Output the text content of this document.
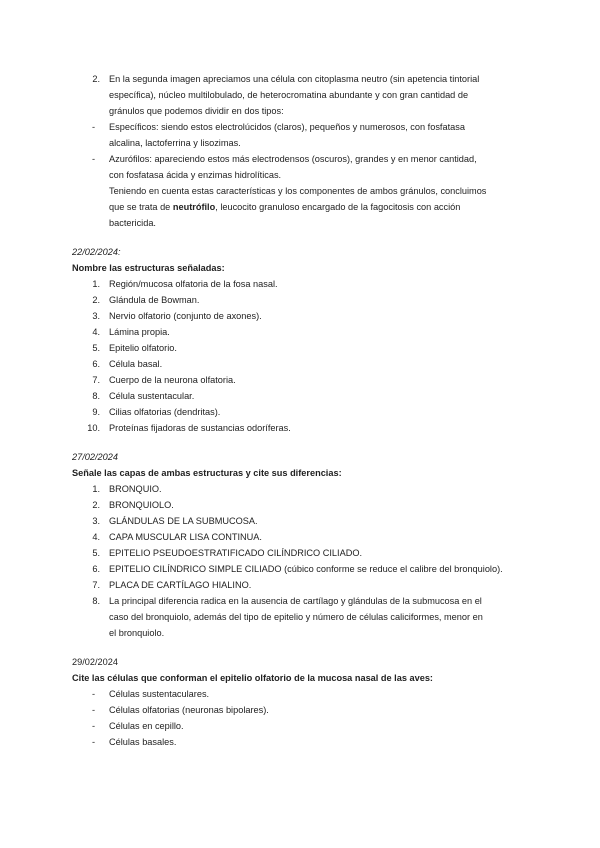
2. En la segunda imagen apreciamos una célula con citoplasma neutro (sin apetencia tintorial
específica), núcleo multilobulado, de heterocromatina abundante y con gran cantidad de
gránulos que podemos dividir en dos tipos:
- Específicos: siendo estos electrolúcidos (claros), pequeños y numerosos, con fosfatasa
alcalina, lactoferrina y lisozimas.
- Azurófilos: apareciendo estos más electrodensos (oscuros), grandes y en menor cantidad,
con fosfatasa ácida y enzimas hidrolíticas.
Teniendo en cuenta estas características y los componentes de ambos gránulos, concluimos
que se trata de neutrófilo, leucocito granuloso encargado de la fagocitosis con acción
bactericida.
22/02/2024:
Nombre las estructuras señaladas:
1. Región/mucosa olfatoria de la fosa nasal.
2. Glándula de Bowman.
3. Nervio olfatorio (conjunto de axones).
4. Lámina propia.
5. Epitelio olfatorio.
6. Célula basal.
7. Cuerpo de la neurona olfatoria.
8. Célula sustentacular.
9. Cilias olfatorias (dendritas).
10. Proteínas fijadoras de sustancias odoríferas.
27/02/2024
Señale las capas de ambas estructuras y cite sus diferencias:
1. BRONQUIO.
2. BRONQUIOLO.
3. GLÁNDULAS DE LA SUBMUCOSA.
4. CAPA MUSCULAR LISA CONTINUA.
5. EPITELIO PSEUDOESTRATIFICADO CILÍNDRICO CILIADO.
6. EPITELIO CILÍNDRICO SIMPLE CILIADO (cúbico conforme se reduce el calibre del bronquiolo).
7. PLACA DE CARTÍLAGO HIALINO.
8. La principal diferencia radica en la ausencia de cartílago y glándulas de la submucosa en el
caso del bronquiolo, además del tipo de epitelio y número de células caliciformes, menor en
el bronquiolo.
29/02/2024
Cite las células que conforman el epitelio olfatorio de la mucosa nasal de las aves:
- Células sustentaculares.
- Células olfatorias (neuronas bipolares).
- Células en cepillo.
- Células basales.
